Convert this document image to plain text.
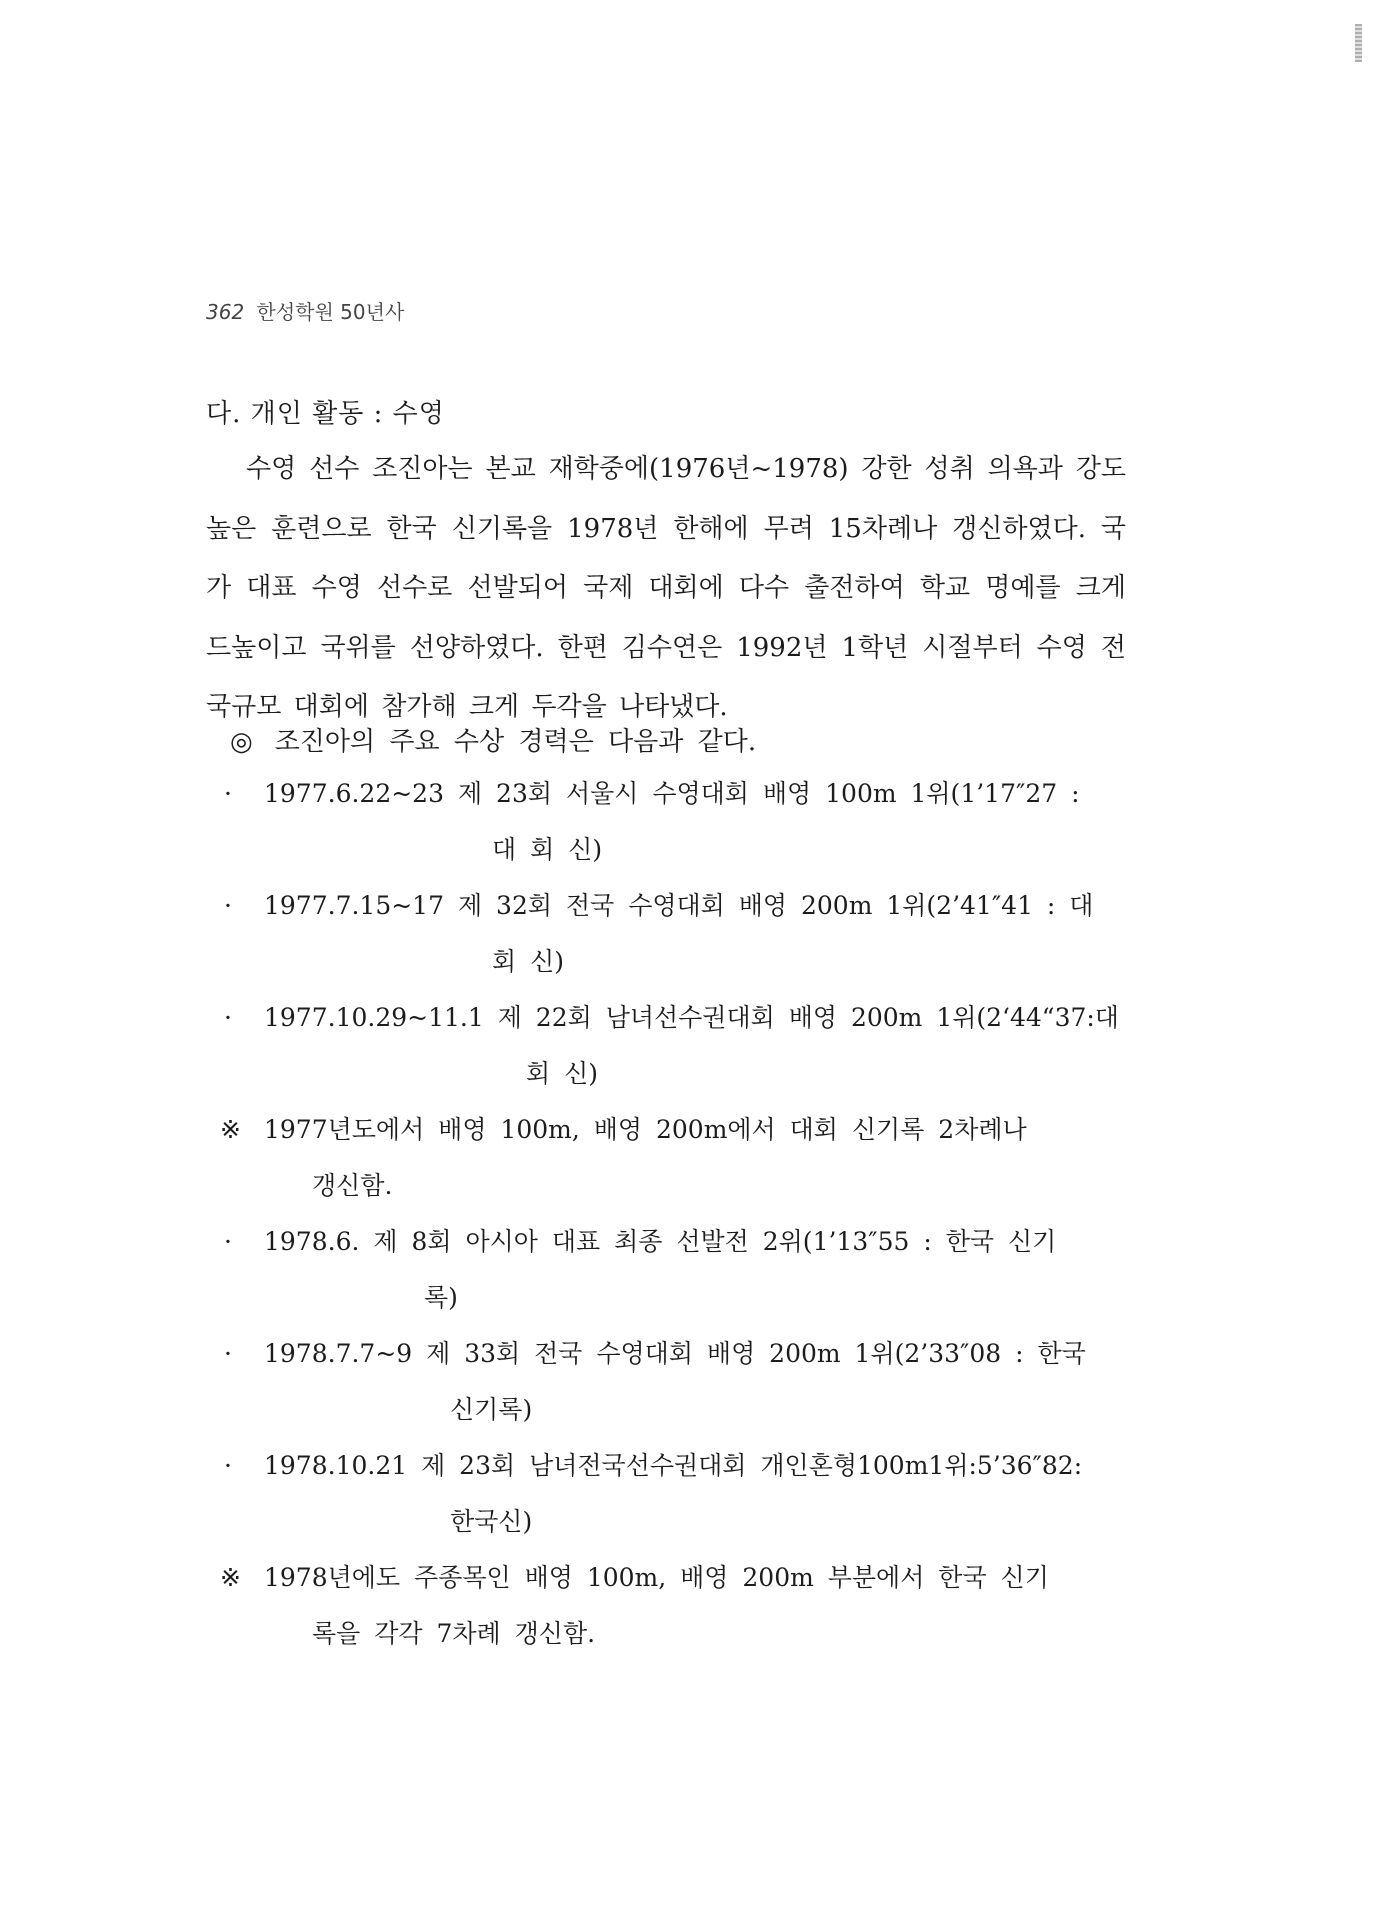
362 한성학원 50년사
다. 개인 활동 : 수영
수영 선수 조진아는 본교 재학중에(1976년~1978) 강한 성취 의욕과 강도 높은 훈련으로 한국 신기록을 1978년 한해에 무려 15차례나 갱신하였다. 국가 대표 수영 선수로 선발되어 국제 대회에 다수 출전하여 학교 명예를 크게 드높이고 국위를 선양하였다. 한편 김수연은 1992년 1학년 시절부터 수영 전국규모 대회에 참가해 크게 두각을 나타냈다.
◎ 조진아의 주요 수상 경력은 다음과 같다.
· 1977.6.22~23 제 23회 서울시 수영대회 배영 100m 1위(1’17″27 :
대 회 신)
· 1977.7.15~17 제 32회 전국 수영대회 배영 200m 1위(2’41″41 : 대
회 신)
· 1977.10.29~11.1 제 22회 남녀선수권대회 배영 200m 1위(2‘44“37:대
회 신)
※ 1977년도에서 배영 100m, 배영 200m에서 대회 신기록 2차례나
갱신함.
· 1978.6. 제 8회 아시아 대표 최종 선발전 2위(1’13″55 : 한국 신기
록)
· 1978.7.7~9 제 33회 전국 수영대회 배영 200m 1위(2’33″08 : 한국
신기록)
· 1978.10.21 제 23회 남녀전국선수권대회 개인혼형100m1위:5’36″82:
한국신)
※ 1978년에도 주종목인 배영 100m, 배영 200m 부분에서 한국 신기
록을 각각 7차례 갱신함.
